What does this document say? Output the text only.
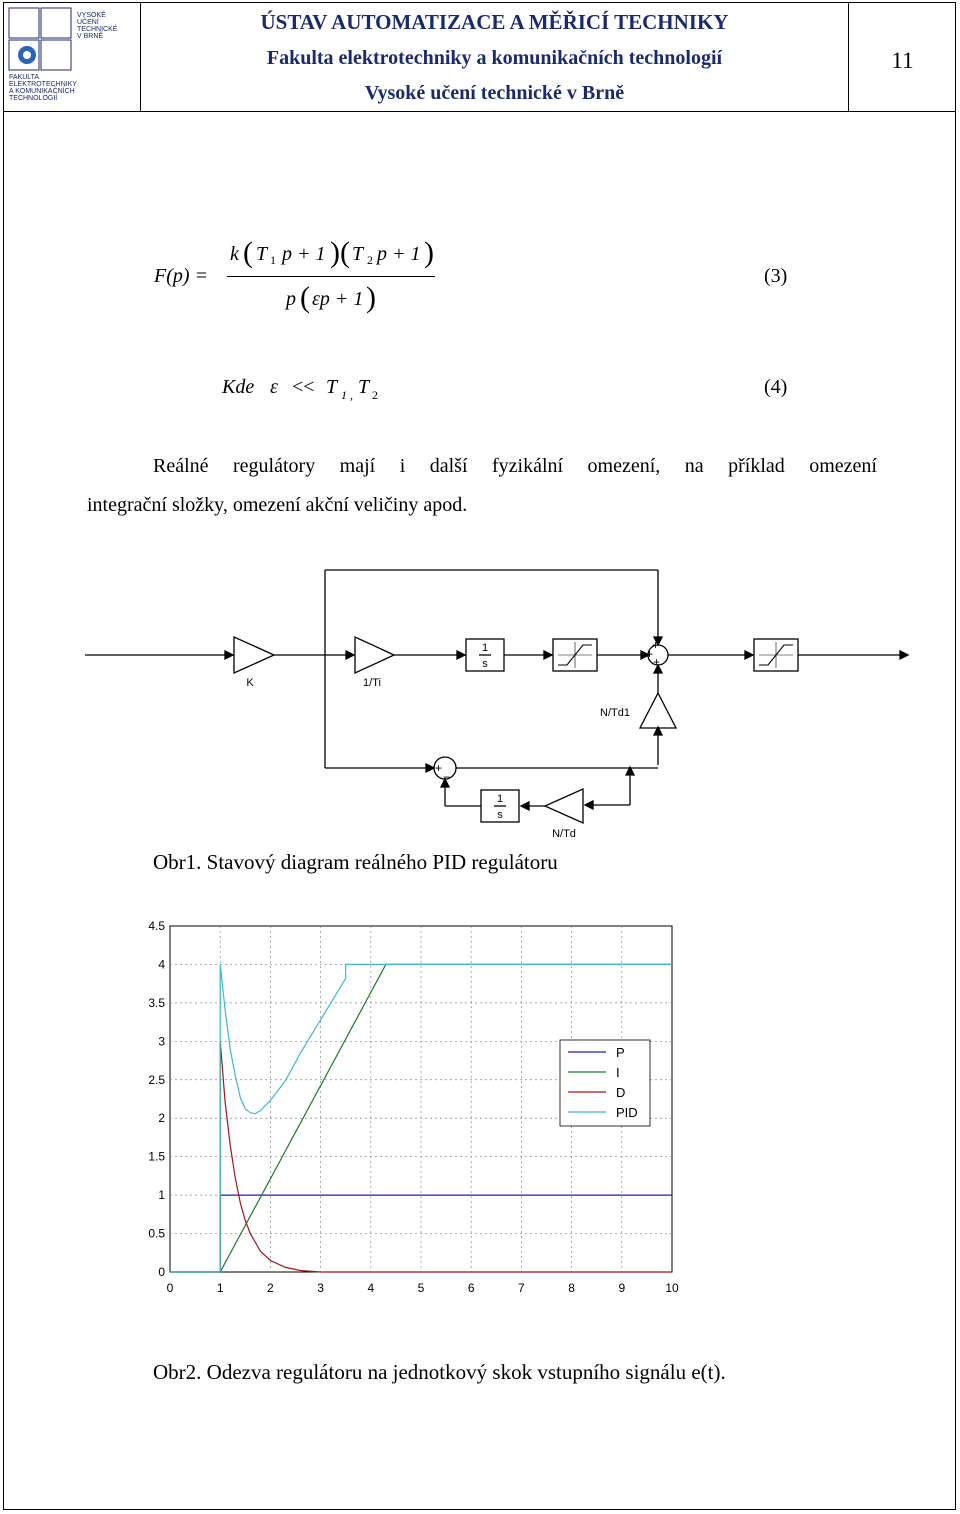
VYSOKÉ
UČENÍ
TECHNICKÉ
V BRNĚ
FAKULTA
ELEKTROTECHNIKY
A KOMUNIKAČNÍCH
TECHNOLOGIÍ
ÚSTAV AUTOMATIZACE A MĚŘICÍ TECHNIKY
Fakulta elektrotechniky a komunikačních technologií
Vysoké učení technické v Brně
11
F(p) =
k ( T 1 p + 1 ) ( T 2 p + 1 )
p ( εp + 1 )
(3)
Kde ε << T 1 , T 2	(4)
Reálné regulátory mají i další fyzikální omezení, na příklad omezení
integrační složky, omezení akční veličiny apod.
1
s
1
s
K	1/Ti
N/Td1
N/Td
+
+
+
+
−
Obr1. Stavový diagram reálného PID regulátoru
0	1	2	3	4	5	6	7	8	9	10
0
0.5
1
1.5
2
2.5
3
3.5
4
4.5
P
I
D
PID
Obr2. Odezva regulátoru na jednotkový skok vstupního signálu e(t).
